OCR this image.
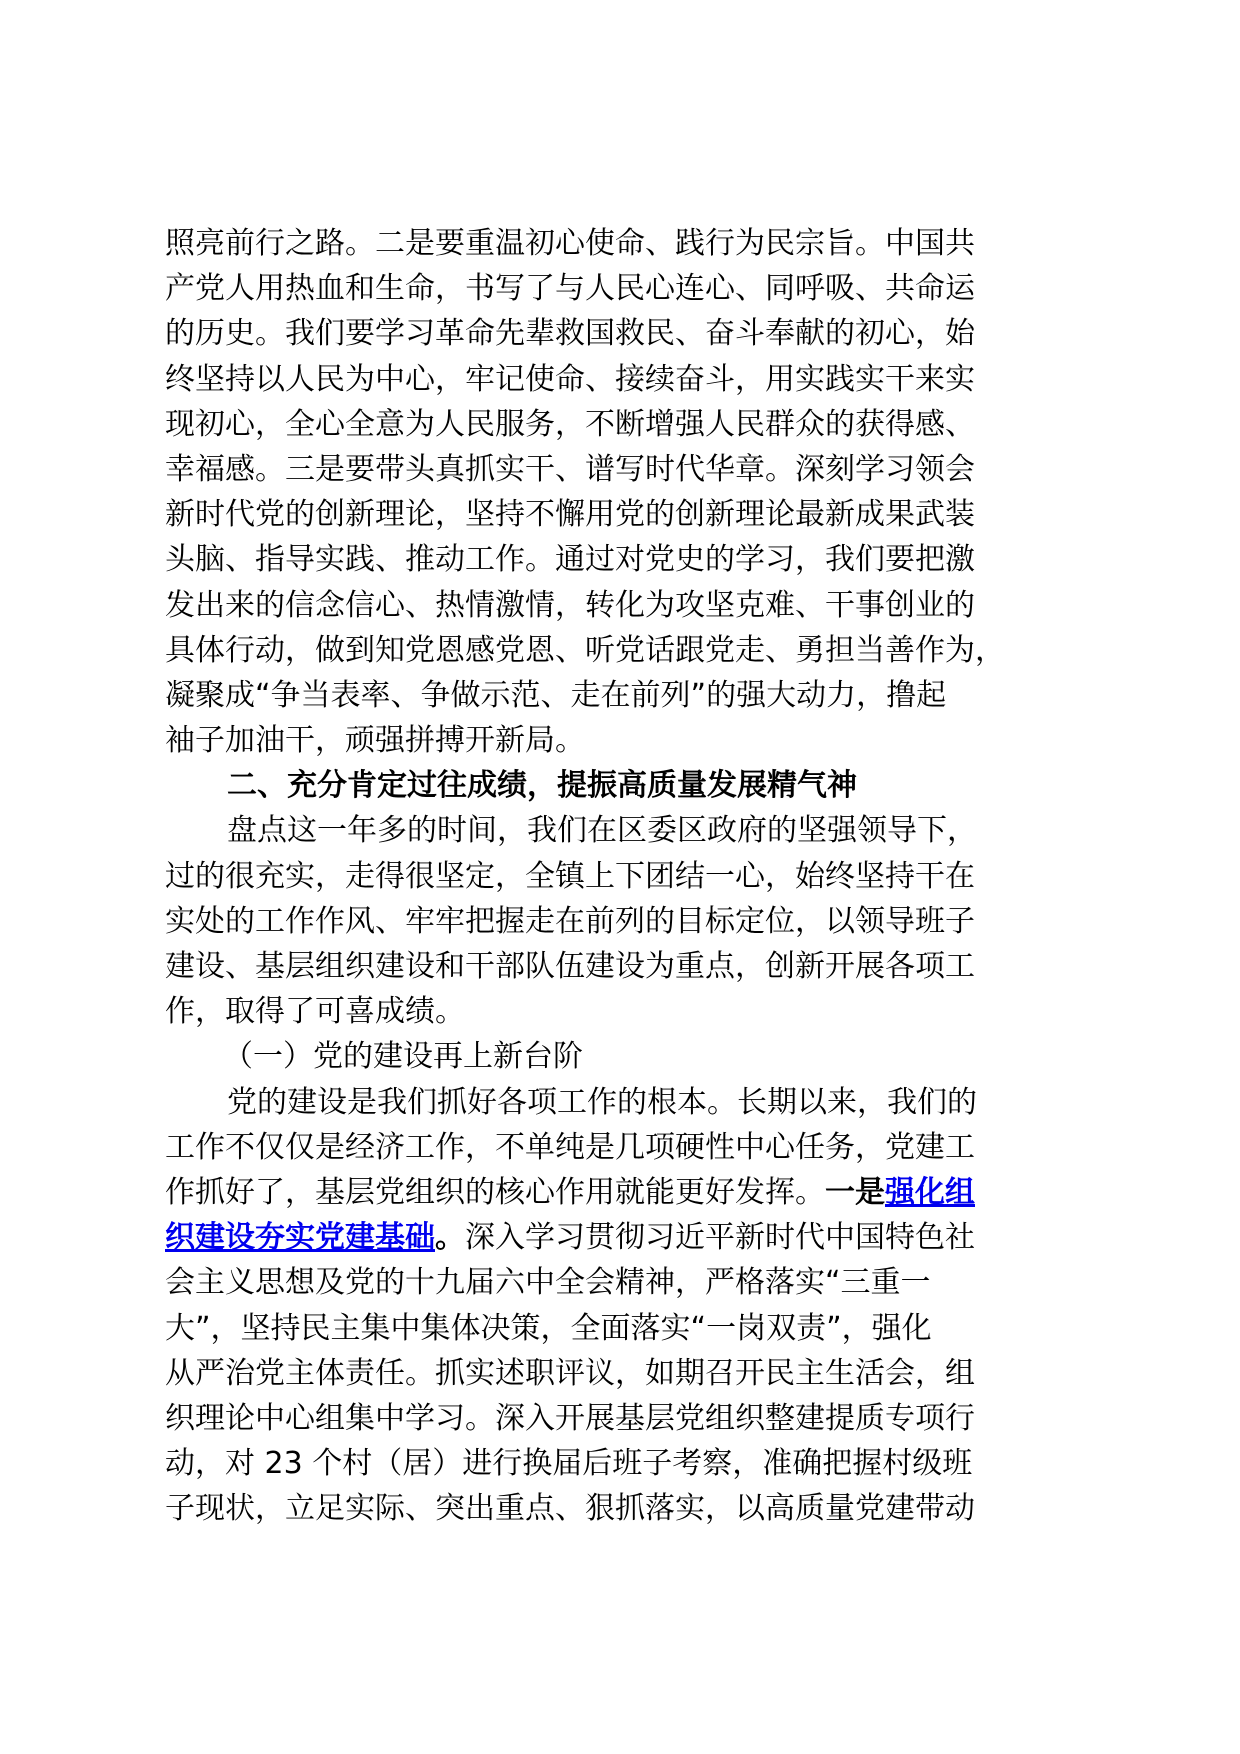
照亮前行之路。二是要重温初心使命、践行为民宗旨。中国共
产党人用热血和生命，书写了与人民心连心、同呼吸、共命运
的历史。我们要学习革命先辈救国救民、奋斗奉献的初心，始
终坚持以人民为中心，牢记使命、接续奋斗，用实践实干来实
现初心，全心全意为人民服务，不断增强人民群众的获得感、
幸福感。三是要带头真抓实干、谱写时代华章。深刻学习领会
新时代党的创新理论，坚持不懈用党的创新理论最新成果武装
头脑、指导实践、推动工作。通过对党史的学习，我们要把激
发出来的信念信心、热情激情，转化为攻坚克难、干事创业的
具体行动，做到知党恩感党恩、听党话跟党走、勇担当善作为，
凝聚成“争当表率、争做示范、走在前列”的强大动力，撸起
袖子加油干，顽强拼搏开新局。
二、充分肯定过往成绩，提振高质量发展精气神
盘点这一年多的时间，我们在区委区政府的坚强领导下，
过的很充实，走得很坚定，全镇上下团结一心，始终坚持干在
实处的工作作风、牢牢把握走在前列的目标定位，以领导班子
建设、基层组织建设和干部队伍建设为重点，创新开展各项工
作，取得了可喜成绩。
（一）党的建设再上新台阶
党的建设是我们抓好各项工作的根本。长期以来，我们的
工作不仅仅是经济工作，不单纯是几项硬性中心任务，党建工
作抓好了，基层党组织的核心作用就能更好发挥。一是强化组
织建设夯实党建基础。深入学习贯彻习近平新时代中国特色社
会主义思想及党的十九届六中全会精神，严格落实“三重一
大”，坚持民主集中集体决策，全面落实“一岗双责”，强化
从严治党主体责任。抓实述职评议，如期召开民主生活会，组
织理论中心组集中学习。深入开展基层党组织整建提质专项行
动，对 23 个村（居）进行换届后班子考察，准确把握村级班
子现状，立足实际、突出重点、狠抓落实，以高质量党建带动
